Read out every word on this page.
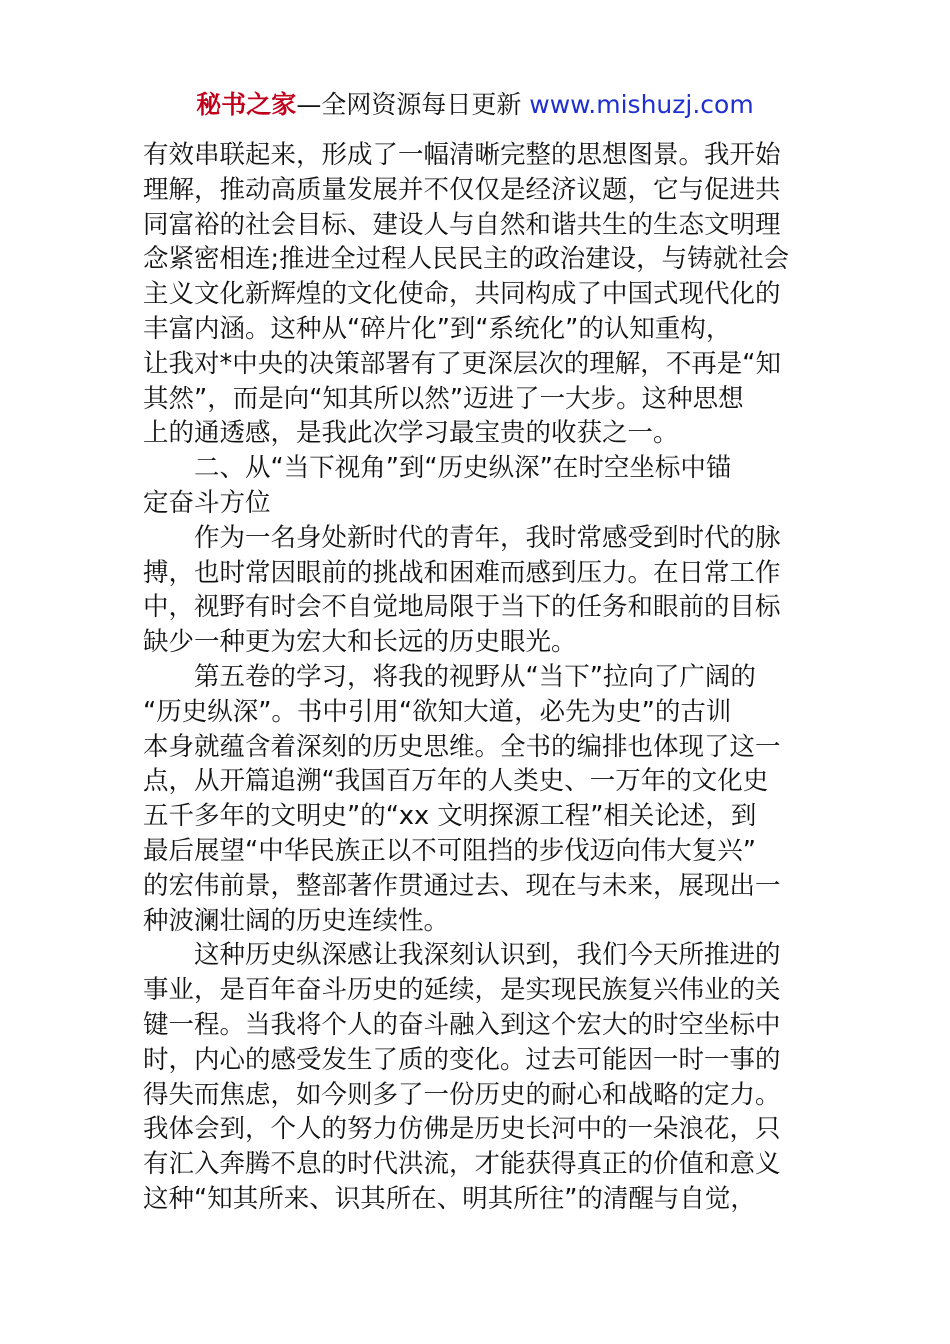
秘书之家—全网资源每日更新 www.mishuzj.com
有效串联起来，形成了一幅清晰完整的思想图景。我开始
理解，推动高质量发展并不仅仅是经济议题，它与促进共
同富裕的社会目标、建设人与自然和谐共生的生态文明理
念紧密相连;推进全过程人民民主的政治建设，与铸就社会
主义文化新辉煌的文化使命，共同构成了中国式现代化的
丰富内涵。这种从“碎片化”到“系统化”的认知重构，
让我对*中央的决策部署有了更深层次的理解，不再是“知
其然”，而是向“知其所以然”迈进了一大步。这种思想
上的通透感，是我此次学习最宝贵的收获之一。
二、从“当下视角”到“历史纵深”在时空坐标中锚
定奋斗方位
作为一名身处新时代的青年，我时常感受到时代的脉
搏，也时常因眼前的挑战和困难而感到压力。在日常工作
中，视野有时会不自觉地局限于当下的任务和眼前的目标
缺少一种更为宏大和长远的历史眼光。
第五卷的学习，将我的视野从“当下”拉向了广阔的
“历史纵深”。书中引用“欲知大道，必先为史”的古训
本身就蕴含着深刻的历史思维。全书的编排也体现了这一
点，从开篇追溯“我国百万年的人类史、一万年的文化史
五千多年的文明史”的“xx 文明探源工程”相关论述，到
最后展望“中华民族正以不可阻挡的步伐迈向伟大复兴”
的宏伟前景，整部著作贯通过去、现在与未来，展现出一
种波澜壮阔的历史连续性。
这种历史纵深感让我深刻认识到，我们今天所推进的
事业，是百年奋斗历史的延续，是实现民族复兴伟业的关
键一程。当我将个人的奋斗融入到这个宏大的时空坐标中
时，内心的感受发生了质的变化。过去可能因一时一事的
得失而焦虑，如今则多了一份历史的耐心和战略的定力。
我体会到，个人的努力仿佛是历史长河中的一朵浪花，只
有汇入奔腾不息的时代洪流，才能获得真正的价值和意义
这种“知其所来、识其所在、明其所往”的清醒与自觉，
